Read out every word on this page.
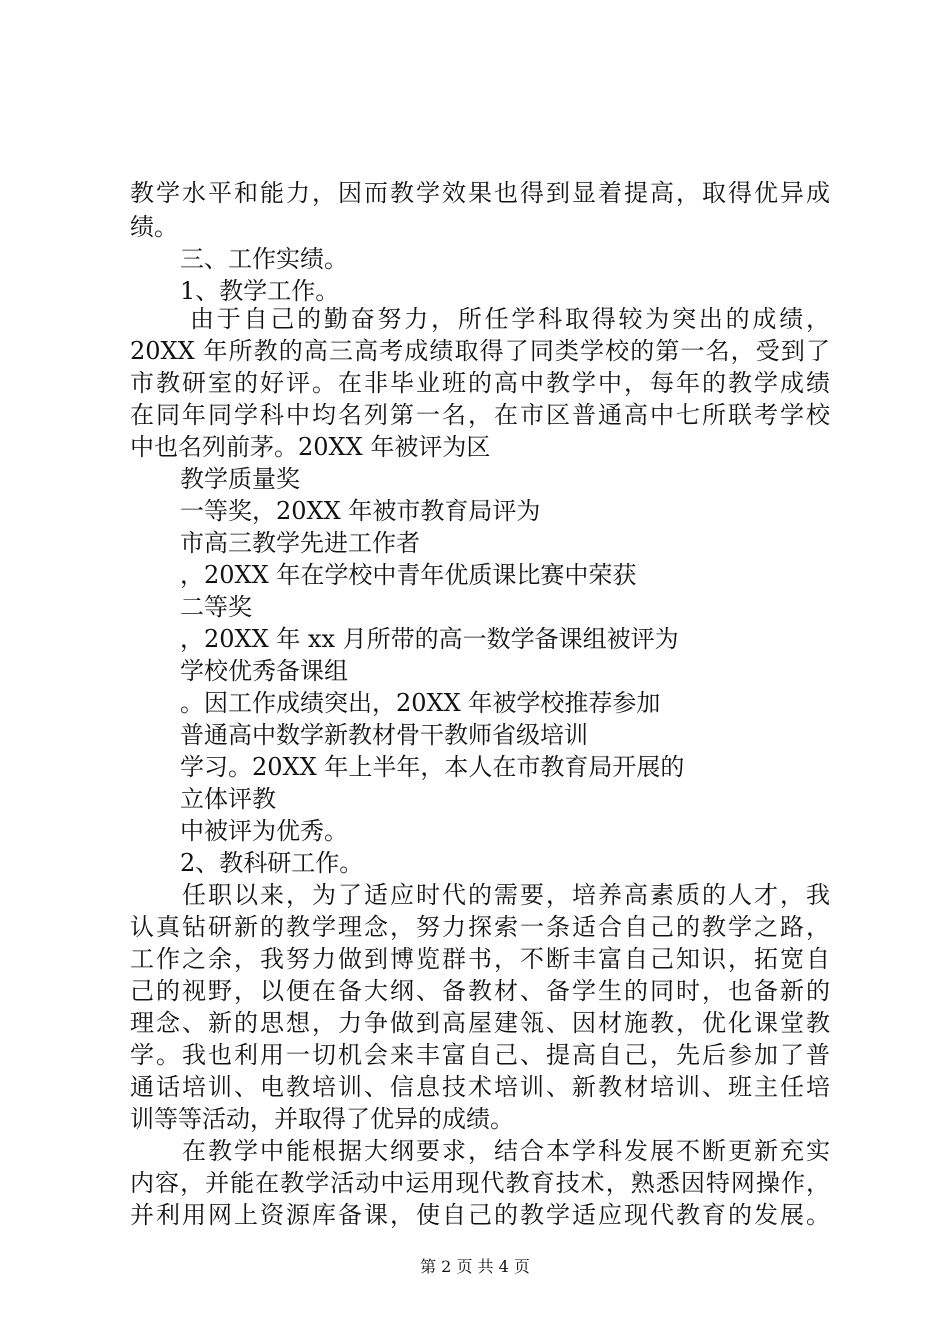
教学水平和能力，因而教学效果也得到显着提高，取得优异成
绩。
三、工作实绩。
1、教学工作。
由于自己的勤奋努力，所任学科取得较为突出的成绩，
20XX 年所教的高三高考成绩取得了同类学校的第一名，受到了
市教研室的好评。在非毕业班的高中教学中，每年的教学成绩
在同年同学科中均名列第一名，在市区普通高中七所联考学校
中也名列前茅。20XX 年被评为区
教学质量奖
一等奖，20XX 年被市教育局评为
市高三教学先进工作者
，20XX 年在学校中青年优质课比赛中荣获
二等奖
，20XX 年 xx 月所带的高一数学备课组被评为
学校优秀备课组
。因工作成绩突出，20XX 年被学校推荐参加
普通高中数学新教材骨干教师省级培训
学习。20XX 年上半年，本人在市教育局开展的
立体评教
中被评为优秀。
2、教科研工作。
任职以来，为了适应时代的需要，培养高素质的人才，我
认真钻研新的教学理念，努力探索一条适合自己的教学之路，
工作之余，我努力做到博览群书，不断丰富自己知识，拓宽自
己的视野，以便在备大纲、备教材、备学生的同时，也备新的
理念、新的思想，力争做到高屋建瓴、因材施教，优化课堂教
学。我也利用一切机会来丰富自己、提高自己，先后参加了普
通话培训、电教培训、信息技术培训、新教材培训、班主任培
训等等活动，并取得了优异的成绩。
在教学中能根据大纲要求，结合本学科发展不断更新充实
内容，并能在教学活动中运用现代教育技术，熟悉因特网操作，
并利用网上资源库备课，使自己的教学适应现代教育的发展。
第 2 页 共 4 页
